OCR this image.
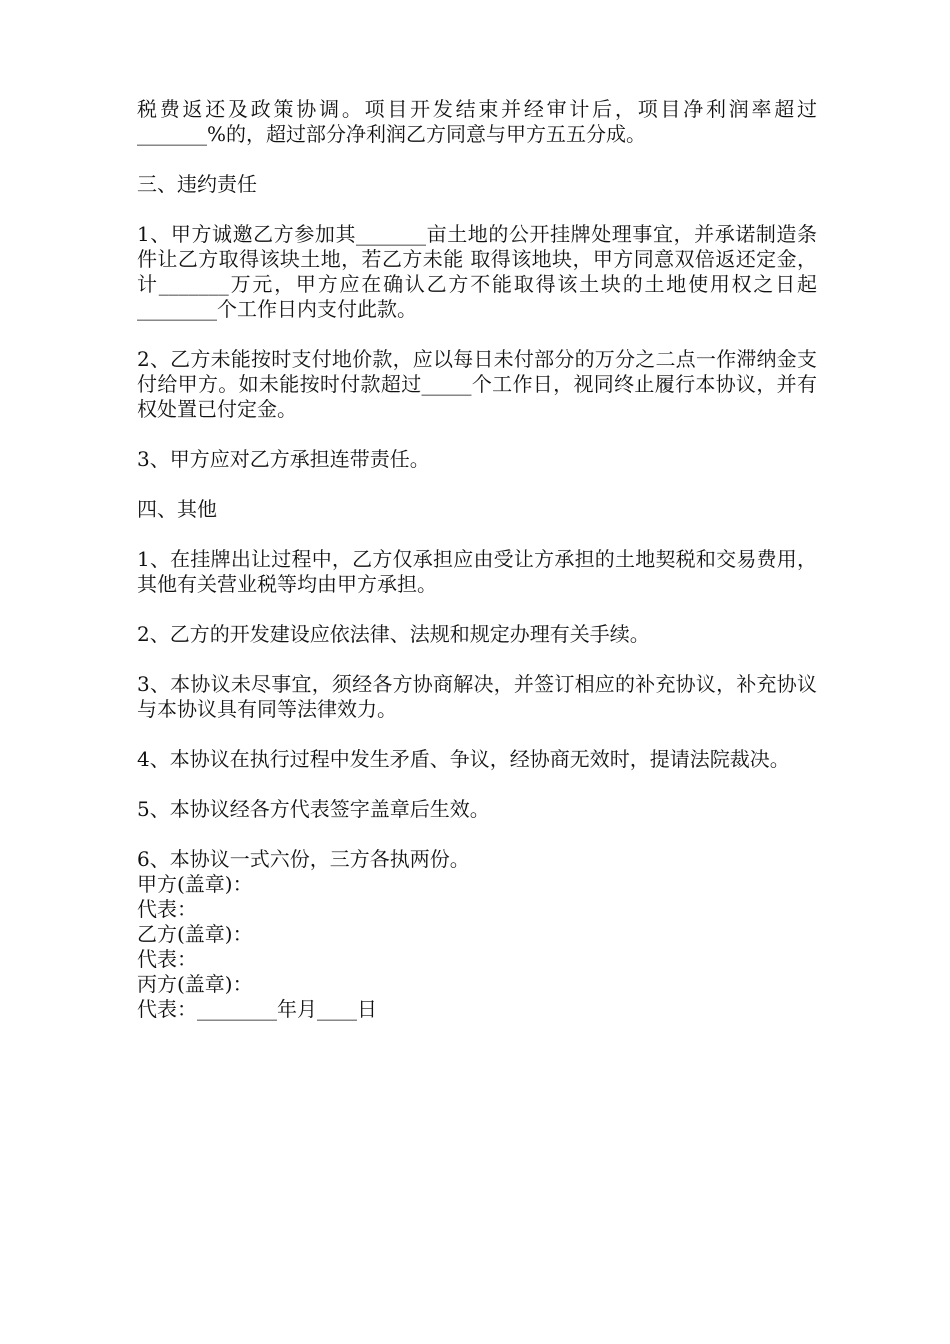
税费返还及政策协调。项目开发结束并经审计后，项目净利润率超过_______%的，超过部分净利润乙方同意与甲方五五分成。

三、违约责任

1、甲方诚邀乙方参加其_______亩土地的公开挂牌处理事宜，并承诺制造条件让乙方取得该块土地，若乙方未能 取得该地块，甲方同意双倍返还定金，计_______万元，甲方应在确认乙方不能取得该土块的土地使用权之日起________个工作日内支付此款。

2、乙方未能按时支付地价款，应以每日未付部分的万分之二点一作滞纳金支付给甲方。如未能按时付款超过_____个工作日，视同终止履行本协议，并有权处置已付定金。

3、甲方应对乙方承担连带责任。

四、其他

1、在挂牌出让过程中，乙方仅承担应由受让方承担的土地契税和交易费用，其他有关营业税等均由甲方承担。

2、乙方的开发建设应依法律、法规和规定办理有关手续。

3、本协议未尽事宜，须经各方协商解决，并签订相应的补充协议，补充协议与本协议具有同等法律效力。

4、本协议在执行过程中发生矛盾、争议，经协商无效时，提请法院裁决。

5、本协议经各方代表签字盖章后生效。

6、本协议一式六份，三方各执两份。

甲方(盖章)：

代表：

乙方(盖章)：

代表：

丙方(盖章)：

代表：________年月____日
